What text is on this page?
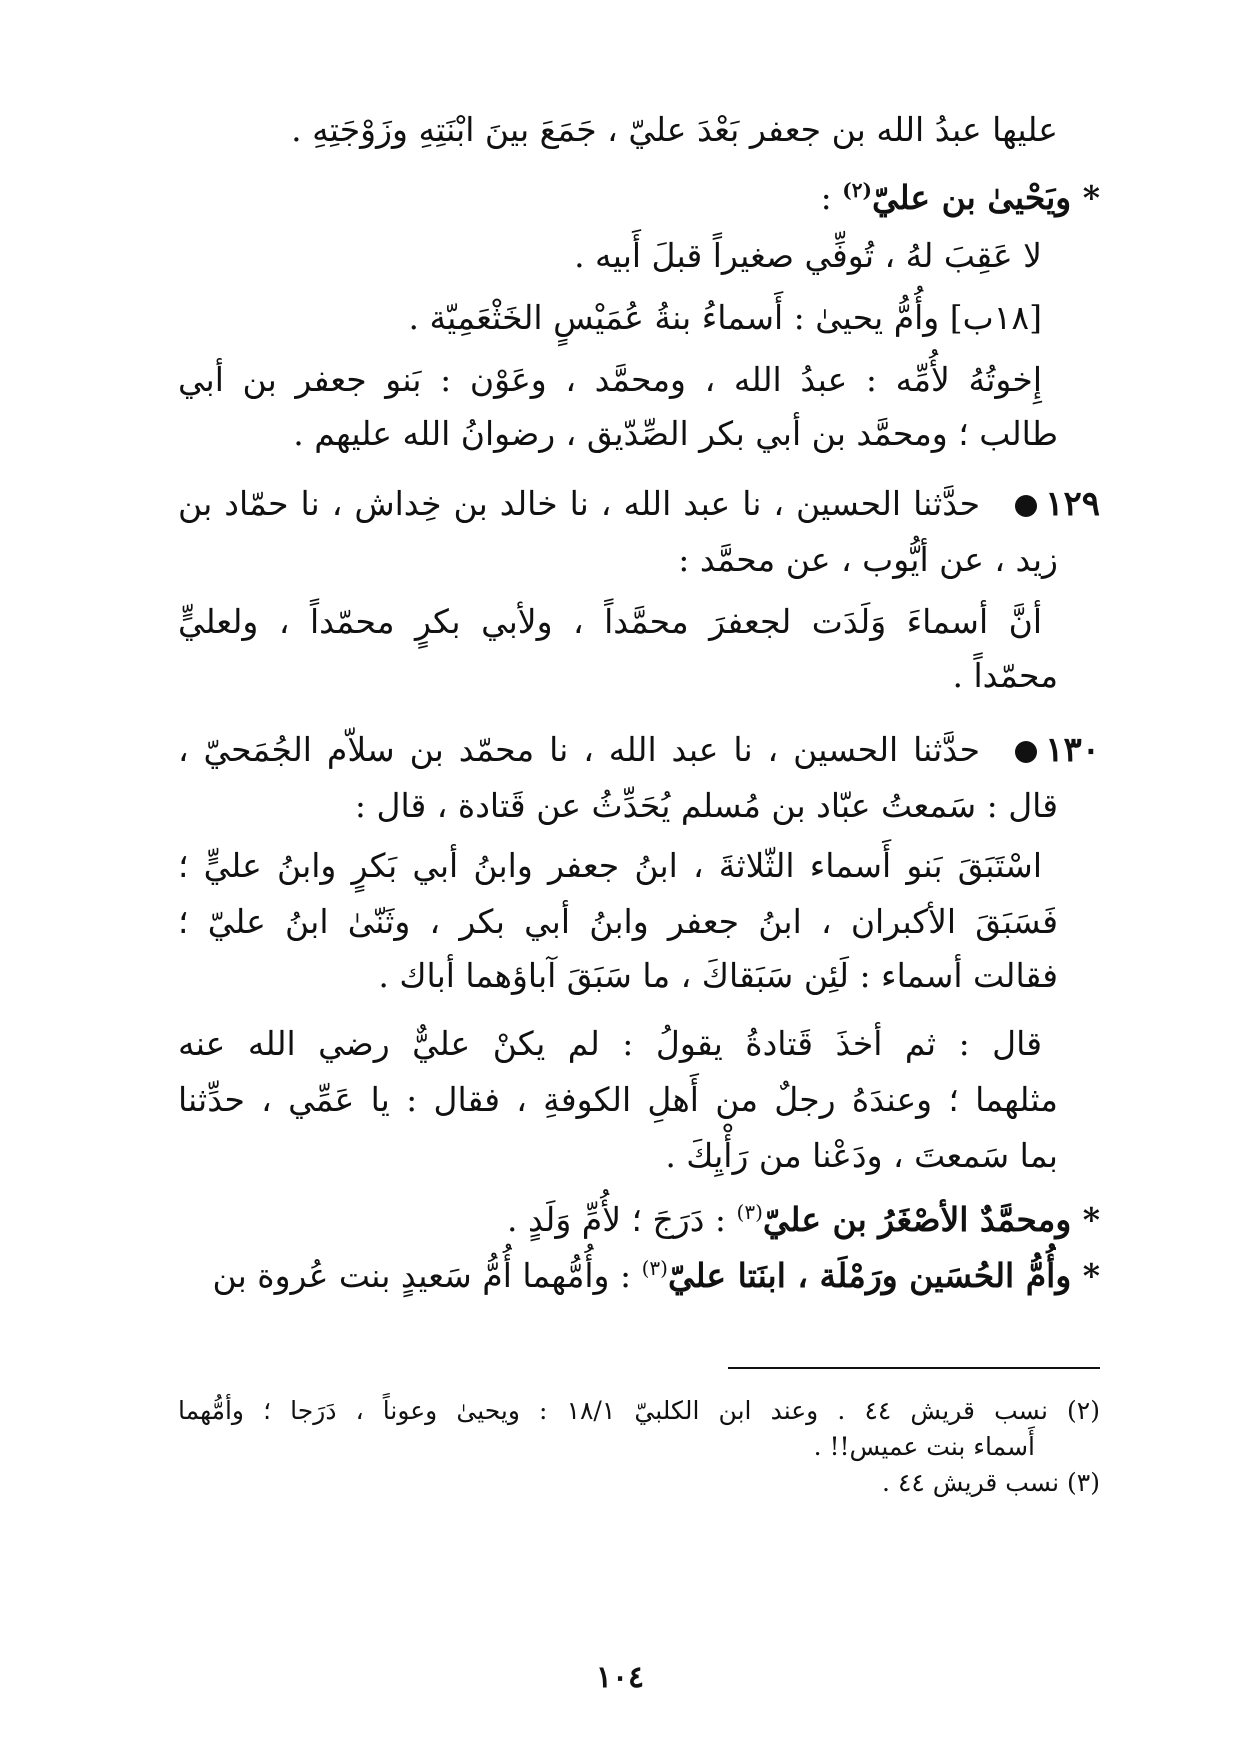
عليها عبدُ الله بن جعفر بَعْدَ عليّ ، جَمَعَ بينَ ابْنَتِهِ وزَوْجَتِهِ .
* ويَحْيىٰ بن عليّ$^{(٢)}$ :
لا عَقِبَ لهُ ، تُوفِّي صغيراً قبلَ أَبيه .
[١٨ب] وأُمُّ يحيىٰ : أَسماءُ بنةُ عُمَيْسٍ الخَثْعَمِيّة .
إِخوتُهُ لأُمِّه : عبدُ الله ، ومحمَّد ، وعَوْن : بَنو جعفر بن أبي
طالب ؛ ومحمَّد بن أبي بكر الصِّدّيق ، رضوانُ الله عليهم .
١٢٩
حدَّثنا الحسين ، نا عبد الله ، نا خالد بن خِداش ، نا حمّاد بن
زيد ، عن أيُّوب ، عن محمَّد :
أنَّ أسماءَ وَلَدَت لجعفرَ محمَّداً ، ولأبي بكرٍ محمّداً ، ولعليٍّ
محمّداً .
١٣٠
حدَّثنا الحسين ، نا عبد الله ، نا محمّد بن سلاّم الجُمَحيّ ،
قال : سَمعتُ عبّاد بن مُسلم يُحَدِّثُ عن قَتادة ، قال :
اسْتَبَقَ بَنو أَسماء الثّلاثةَ ، ابنُ جعفر وابنُ أبي بَكرٍ وابنُ عليٍّ ؛
فَسَبَقَ الأكبران ، ابنُ جعفر وابنُ أبي بكر ، وثَنّىٰ ابنُ عليّ ؛
فقالت أسماء : لَئِن سَبَقاكَ ، ما سَبَقَ آباؤهما أباك .
قال : ثم أخذَ قَتادةُ يقولُ : لم يكنْ عليٌّ رضي الله عنه
مثلهما ؛ وعندَهُ رجلٌ من أَهلِ الكوفةِ ، فقال : يا عَمِّي ، حدِّثنا
بما سَمعتَ ، ودَعْنا من رَأْيِكَ .
* ومحمَّدٌ الأصْغَرُ بن عليّ$^{(٣)}$ : دَرَجَ ؛ لأُمِّ وَلَدٍ .
* وأُمُّ الحُسَين ورَمْلَة ، ابنَتا عليّ$^{(٣)}$ : وأُمُّهما أُمُّ سَعيدٍ بنت عُروة بن
(٢) نسب قريش ٤٤ . وعند ابن الكلبيّ ١٨/١ : ويحيىٰ وعوناً ، دَرَجا ؛ وأمُّهما
أَسماء بنت عميس!! .
(٣) نسب قريش ٤٤ .
١٠٤
